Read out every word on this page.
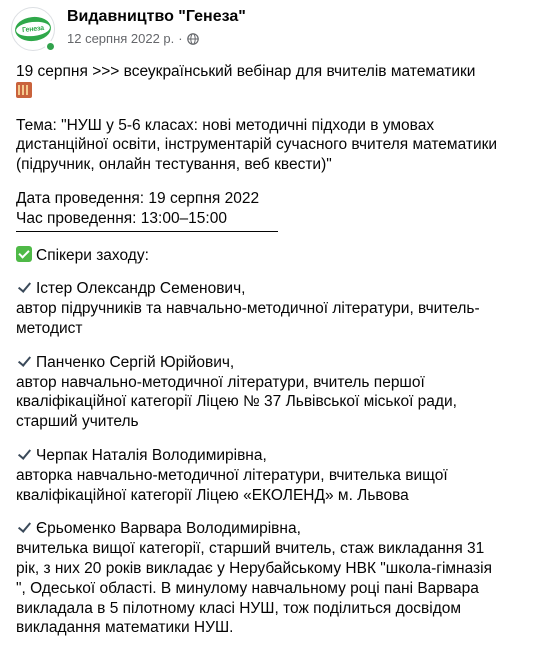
Генеза
Видавництво "Генеза"
12 серпня 2022 р. ·
19 серпня >>> всеукраїнський вебінар для вчителів математики
Тема: "НУШ у 5-6 класах: нові методичні підходи в умовах
дистанційної освіти, інструментарій сучасного вчителя математики
(підручник, онлайн тестування, веб квести)"
Дата проведення: 19 серпня 2022
Час проведення: 13:00–15:00
Спікери заходу:
Істер Олександр Семенович,
автор підручників та навчально-методичної літератури, вчитель-
методист
Панченко Сергій Юрійович,
автор навчально-методичної літератури, вчитель першої
кваліфікаційної категорії Ліцею № 37 Львівської міської ради,
старший учитель
Черпак Наталія Володимирівна,
авторка навчально-методичної літератури, вчителька вищої
кваліфікаційної категорії Ліцею «ЕКОЛЕНД» м. Львова
Єрьоменко Варвара Володимирівна,
вчителька вищої категорії, старший вчитель, стаж викладання 31
рік, з них 20 років викладає у Нерубайському НВК "школа-гімназія
", Одеської області. В минулому навчальному році пані Варвара
викладала в 5 пілотному класі НУШ, тож поділиться досвідом
викладання математики НУШ.
